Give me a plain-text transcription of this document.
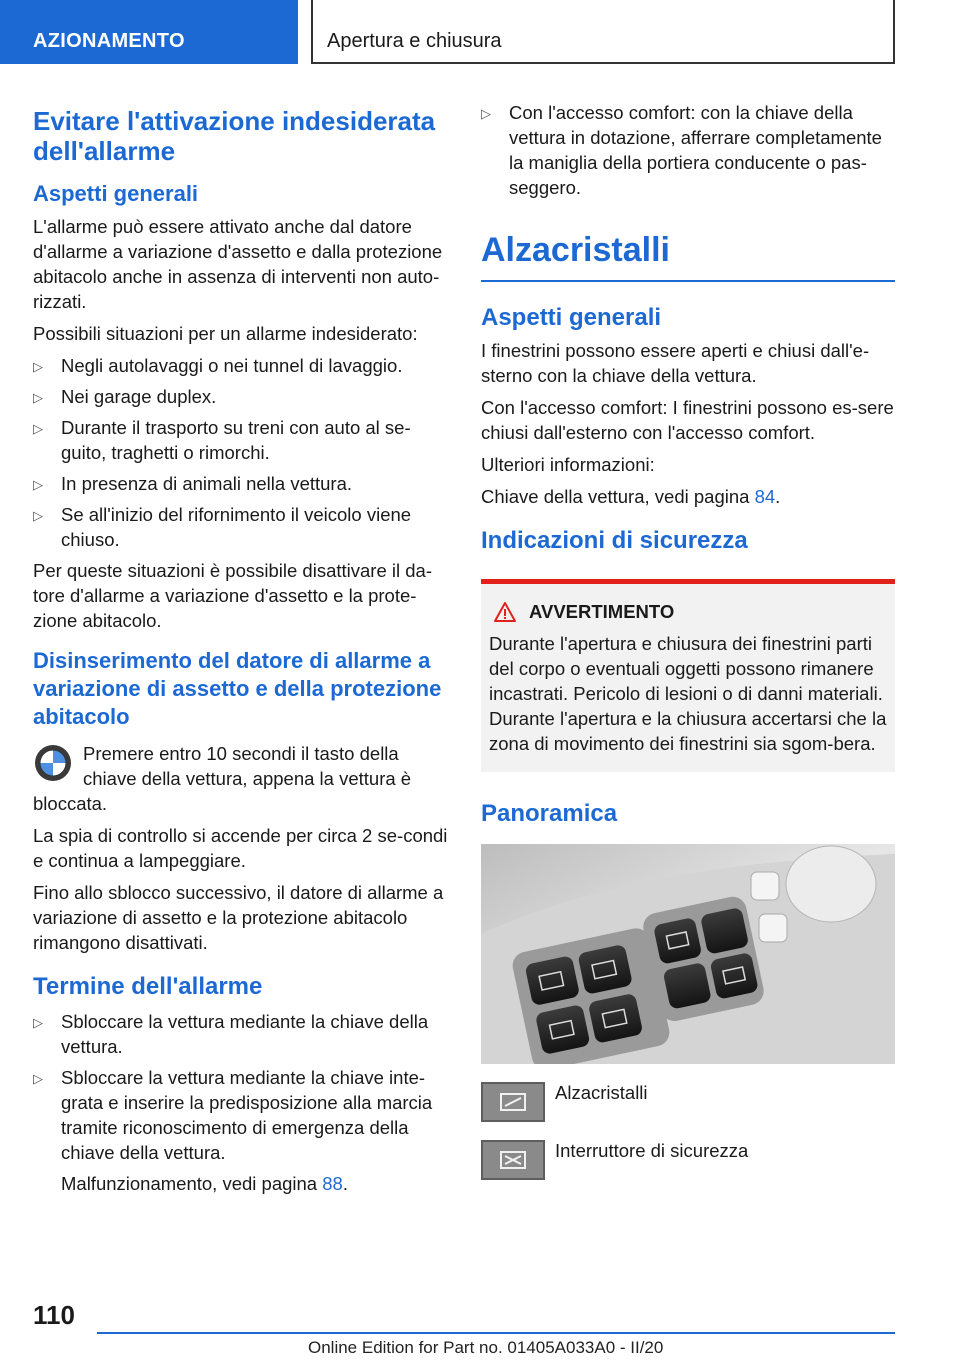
AZIONAMENTO	Apertura e chiusura
Evitare l'attivazione indesiderata dell'allarme
Aspetti generali

L'allarme può essere attivato anche dal datore d'allarme a variazione d'assetto e dalla protezione abitacolo anche in assenza di interventi non auto-rizzati.

Possibili situazioni per un allarme indesiderato:

▷ Negli autolavaggi o nei tunnel di lavaggio.
▷ Nei garage duplex.
▷ Durante il trasporto su treni con auto al se-guito, traghetti o rimorchi.
▷ In presenza di animali nella vettura.
▷ Se all'inizio del rifornimento il veicolo viene chiuso.

Per queste situazioni è possibile disattivare il da-tore d'allarme a variazione d'assetto e la prote-zione abitacolo.

Disinserimento del datore di allarme a variazione di assetto e della protezione abitacolo

Premere entro 10 secondi il tasto della chiave della vettura, appena la vettura è bloccata.

La spia di controllo si accende per circa 2 se-condi e continua a lampeggiare.

Fino allo sblocco successivo, il datore di allarme a variazione di assetto e la protezione abitacolo rimangono disattivati.

Termine dell'allarme
▷ Sbloccare la vettura mediante la chiave della vettura.
▷ Sbloccare la vettura mediante la chiave inte-grata e inserire la predisposizione alla marcia tramite riconoscimento di emergenza della chiave della vettura.
Malfunzionamento, vedi pagina 88.
▷ Con l'accesso comfort: con la chiave della vettura in dotazione, afferrare completamente la maniglia della portiera conducente o pas-seggero.
Alzacristalli
Aspetti generali

I finestrini possono essere aperti e chiusi dall'e-sterno con la chiave della vettura.

Con l'accesso comfort: I finestrini possono es-sere chiusi dall'esterno con l'accesso comfort.

Ulteriori informazioni:

Chiave della vettura, vedi pagina 84.

Indicazioni di sicurezza
AVVERTIMENTO

Durante l'apertura e chiusura dei finestrini parti del corpo o eventuali oggetti possono rimanere incastrati. Pericolo di lesioni o di danni materiali. Durante l'apertura e la chiusura accertarsi che la zona di movimento dei finestrini sia sgom-bera.

Panoramica
Alzacristalli
Interruttore di sicurezza
110
Online Edition for Part no. 01405A033A0 - II/20
